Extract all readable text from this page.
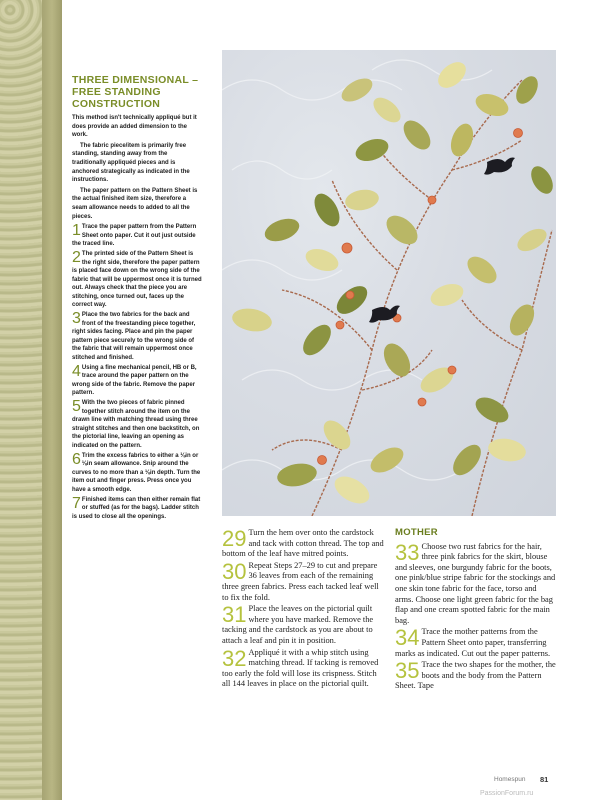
THREE DIMENSIONAL – FREE STANDING CONSTRUCTION

This method isn't technically appliqué but it does provide an added dimension to the work.

The fabric piece/item is primarily free standing, standing away from the traditionally appliquéd pieces and is anchored strategically as indicated in the instructions.

The paper pattern on the Pattern Sheet is the actual finished item size, therefore a seam allowance needs to added to all the pieces.

1 Trace the paper pattern from the Pattern Sheet onto paper. Cut it out just outside the traced line.
2 The printed side of the Pattern Sheet is the right side, therefore the paper pattern is placed face down on the wrong side of the fabric that will be uppermost once it is turned out. Always check that the piece you are stitching, once turned out, faces up the correct way.
3 Place the two fabrics for the back and front of the freestanding piece together, right sides facing. Place and pin the paper pattern piece securely to the wrong side of the fabric that will remain uppermost once stitched and finished.
4 Using a fine mechanical pencil, HB or B, trace around the paper pattern on the wrong side of the fabric. Remove the paper pattern.
5 With the two pieces of fabric pinned together stitch around the item on the drawn line with matching thread using three straight stitches and then one backstitch, on the pictorial line, leaving an opening as indicated on the pattern.
6 Trim the excess fabrics to either a ⅛in or ⅛in seam allowance. Snip around the curves to no more than a ⅛in depth. Turn the item out and finger press. Press once you have a smooth edge.
7 Finished items can then either remain flat or stuffed (as for the bags). Ladder stitch is used to close all the openings.

29 Turn the hem over onto the cardstock and tack with cotton thread. The top and bottom of the leaf have mitred points.

30 Repeat Steps 27–29 to cut and prepare 36 leaves from each of the remaining three green fabrics. Press each tacked leaf well to fix the fold.

31 Place the leaves on the pictorial quilt where you have marked. Remove the tacking and the cardstock as you are about to attach a leaf and pin it in position.

32 Appliqué it with a whip stitch using matching thread. If tacking is removed too early the fold will lose its crispness. Stitch all 144 leaves in place on the pictorial quilt.

MOTHER

33 Choose two rust fabrics for the hair, three pink fabrics for the skirt, blouse and sleeves, one burgundy fabric for the boots, one pink/blue stripe fabric for the stockings and one skin tone fabric for the face, torso and arms. Choose one light green fabric for the bag flap and one cream spotted fabric for the main bag.

34 Trace the mother patterns from the Pattern Sheet onto paper, transferring marks as indicated. Cut out the paper patterns.

35 Trace the two shapes for the mother, the boots and the body from the Pattern Sheet. Tape

Homespun 81
PassionForum.ru
